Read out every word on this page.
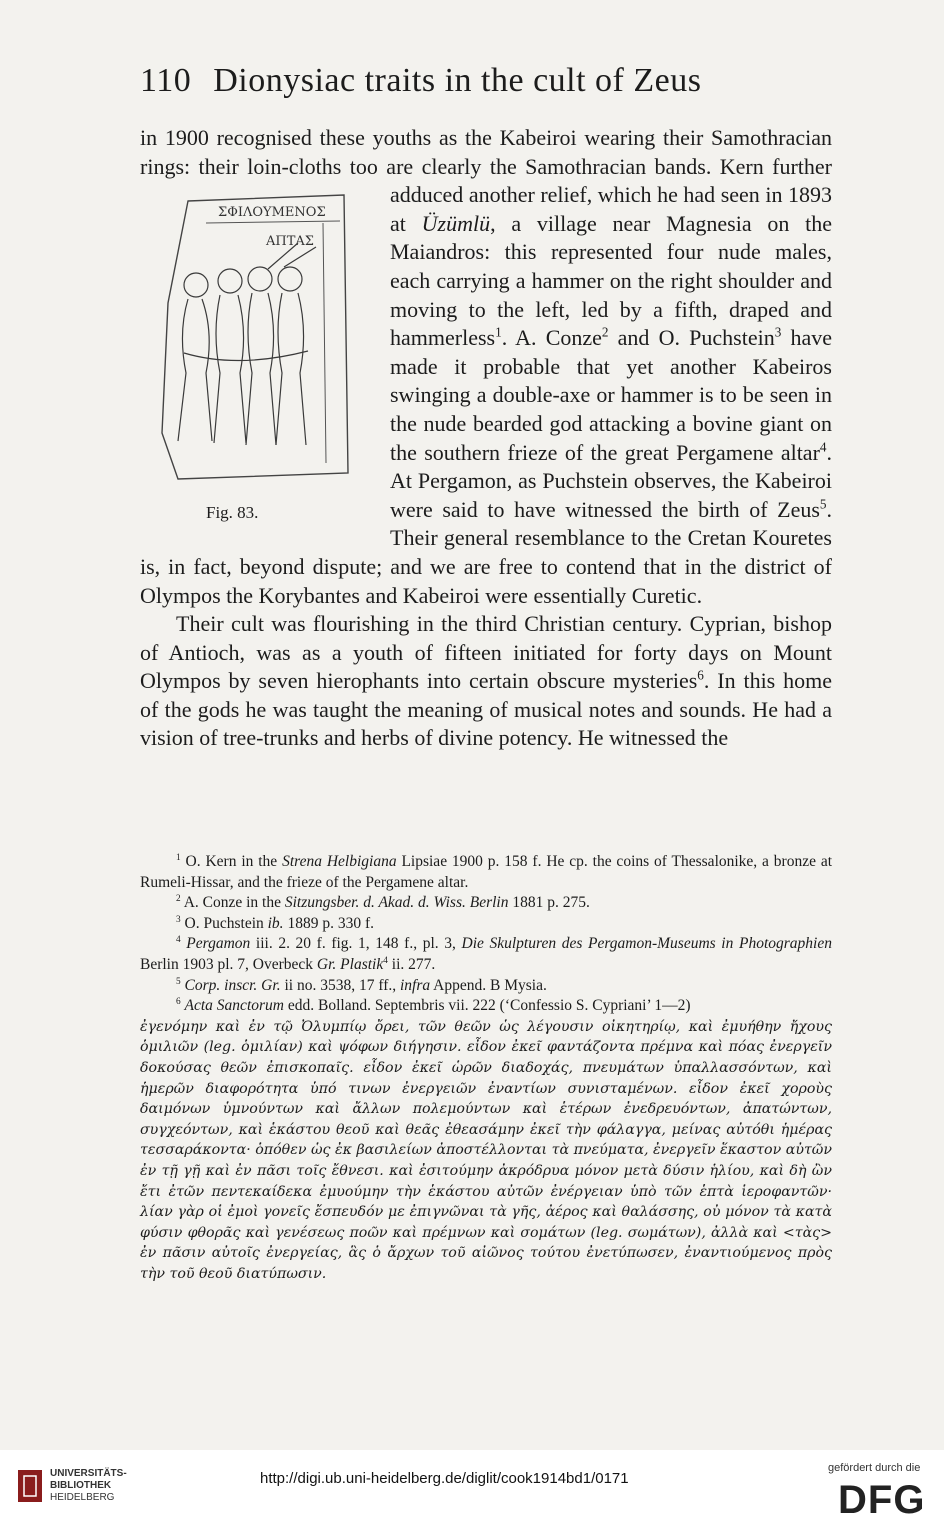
110 Dionysiac traits in the cult of Zeus

in 1900 recognised these youths as the Kabeiroi wearing their Samothracian rings: their loin-cloths too are clearly the Samothracian bands. Kern further adduced another relief, which he had
ΣΦΙΛΟΥΜΕΝΟΣ
ΑΠΤΑΣ
Fig. 83.
seen in 1893 at Üzümlü, a village near Magnesia on the Maiandros: this represented four nude males, each carrying a hammer on the right shoulder and moving to the left, led by a fifth, draped and hammerless$^1$. A. Conze$^2$ and O. Puchstein$^3$ have made it probable that yet another Kabeiros swinging a double-axe or hammer is to be seen in the nude bearded god attacking a bovine giant on the southern frieze of the great Pergamene altar$^4$. At Pergamon, as Puchstein observes, the Kabeiroi were said to have witnessed the birth of Zeus$^5$. Their general resemblance to the Cretan Kouretes is, in fact, beyond dispute; and we are free to contend that in the district of Olympos the Korybantes and Kabeiroi were essentially Curetic.

Their cult was flourishing in the third Christian century. Cyprian, bishop of Antioch, was as a youth of fifteen initiated for forty days on Mount Olympos by seven hierophants into certain obscure mysteries$^6$. In this home of the gods he was taught the meaning of musical notes and sounds. He had a vision of tree-trunks and herbs of divine potency. He witnessed the

$^1$ O. Kern in the Strena Helbigiana Lipsiae 1900 p. 158 f. He cp. the coins of Thessalonike, a bronze at Rumeli-Hissar, and the frieze of the Pergamene altar.

$^2$ A. Conze in the Sitzungsber. d. Akad. d. Wiss. Berlin 1881 p. 275.

$^3$ O. Puchstein ib. 1889 p. 330 f.

$^4$ Pergamon iii. 2. 20 f. fig. 1, 148 f., pl. 3, Die Skulpturen des Pergamon-Museums in Photographien Berlin 1903 pl. 7, Overbeck Gr. Plastik$^4$ ii. 277.

$^5$ Corp. inscr. Gr. ii no. 3538, 17 ff., infra Append. B Mysia.

$^6$ Acta Sanctorum edd. Bolland. Septembris vii. 222 (‘Confessio S. Cypriani’ 1—2)

ἐγενόμην καὶ ἐν τῷ Ὀλυμπίῳ ὄρει, τῶν θεῶν ὡς λέγουσιν οἰκητηρίῳ, καὶ ἐμυήθην ἤχους ὁμιλιῶν (leg. ὁμιλίαν) καὶ ψόφων διήγησιν. εἶδον ἐκεῖ φαντάζοντα πρέμνα καὶ πόας ἐνεργεῖν δοκούσας θεῶν ἐπισκοπαῖς. εἶδον ἐκεῖ ὡρῶν διαδοχάς, πνευμάτων ὑπαλλασσόντων, καὶ ἡμερῶν διαφορότητα ὑπό τινων ἐνεργειῶν ἐναντίων συνισταμένων. εἶδον ἐκεῖ χοροὺς δαιμόνων ὑμνούντων καὶ ἄλλων πολεμούντων καὶ ἑτέρων ἐνεδρευόντων, ἀπατώντων, συγχεόντων, καὶ ἑκάστου θεοῦ καὶ θεᾶς ἐθεασάμην ἐκεῖ τὴν φάλαγγα, μείνας αὐτόθι ἡμέρας τεσσαράκοντα· ὁπόθεν ὡς ἐκ βασιλείων ἀποστέλλονται τὰ πνεύματα, ἐνεργεῖν ἕκαστον αὐτῶν ἐν τῇ γῇ καὶ ἐν πᾶσι τοῖς ἔθνεσι. καὶ ἐσιτούμην ἀκρόδρυα μόνον μετὰ δύσιν ἡλίου, καὶ δὴ ὢν ἔτι ἐτῶν πεντεκαίδεκα ἐμυούμην τὴν ἑκάστου αὐτῶν ἐνέργειαν ὑπὸ τῶν ἑπτὰ ἱεροφαντῶν· λίαν γὰρ οἱ ἐμοὶ γονεῖς ἔσπευδόν με ἐπιγνῶναι τὰ γῆς, ἀέρος καὶ θαλάσσης, οὐ μόνον τὰ κατὰ φύσιν φθορᾶς καὶ γενέσεως ποῶν καὶ πρέμνων καὶ σομάτων (leg. σωμάτων), ἀλλὰ καὶ <τὰς> ἐν πᾶσιν αὐτοῖς ἐνεργείας, ἃς ὁ ἄρχων τοῦ αἰῶνος τούτου ἐνετύπωσεν, ἐναντιούμενος πρὸς τὴν τοῦ θεοῦ διατύπωσιν.

UNIVERSITÄTS-
BIBLIOTHEK
HEIDELBERG
http://digi.ub.uni-heidelberg.de/diglit/cook1914bd1/0171
gefördert durch die
DFG
